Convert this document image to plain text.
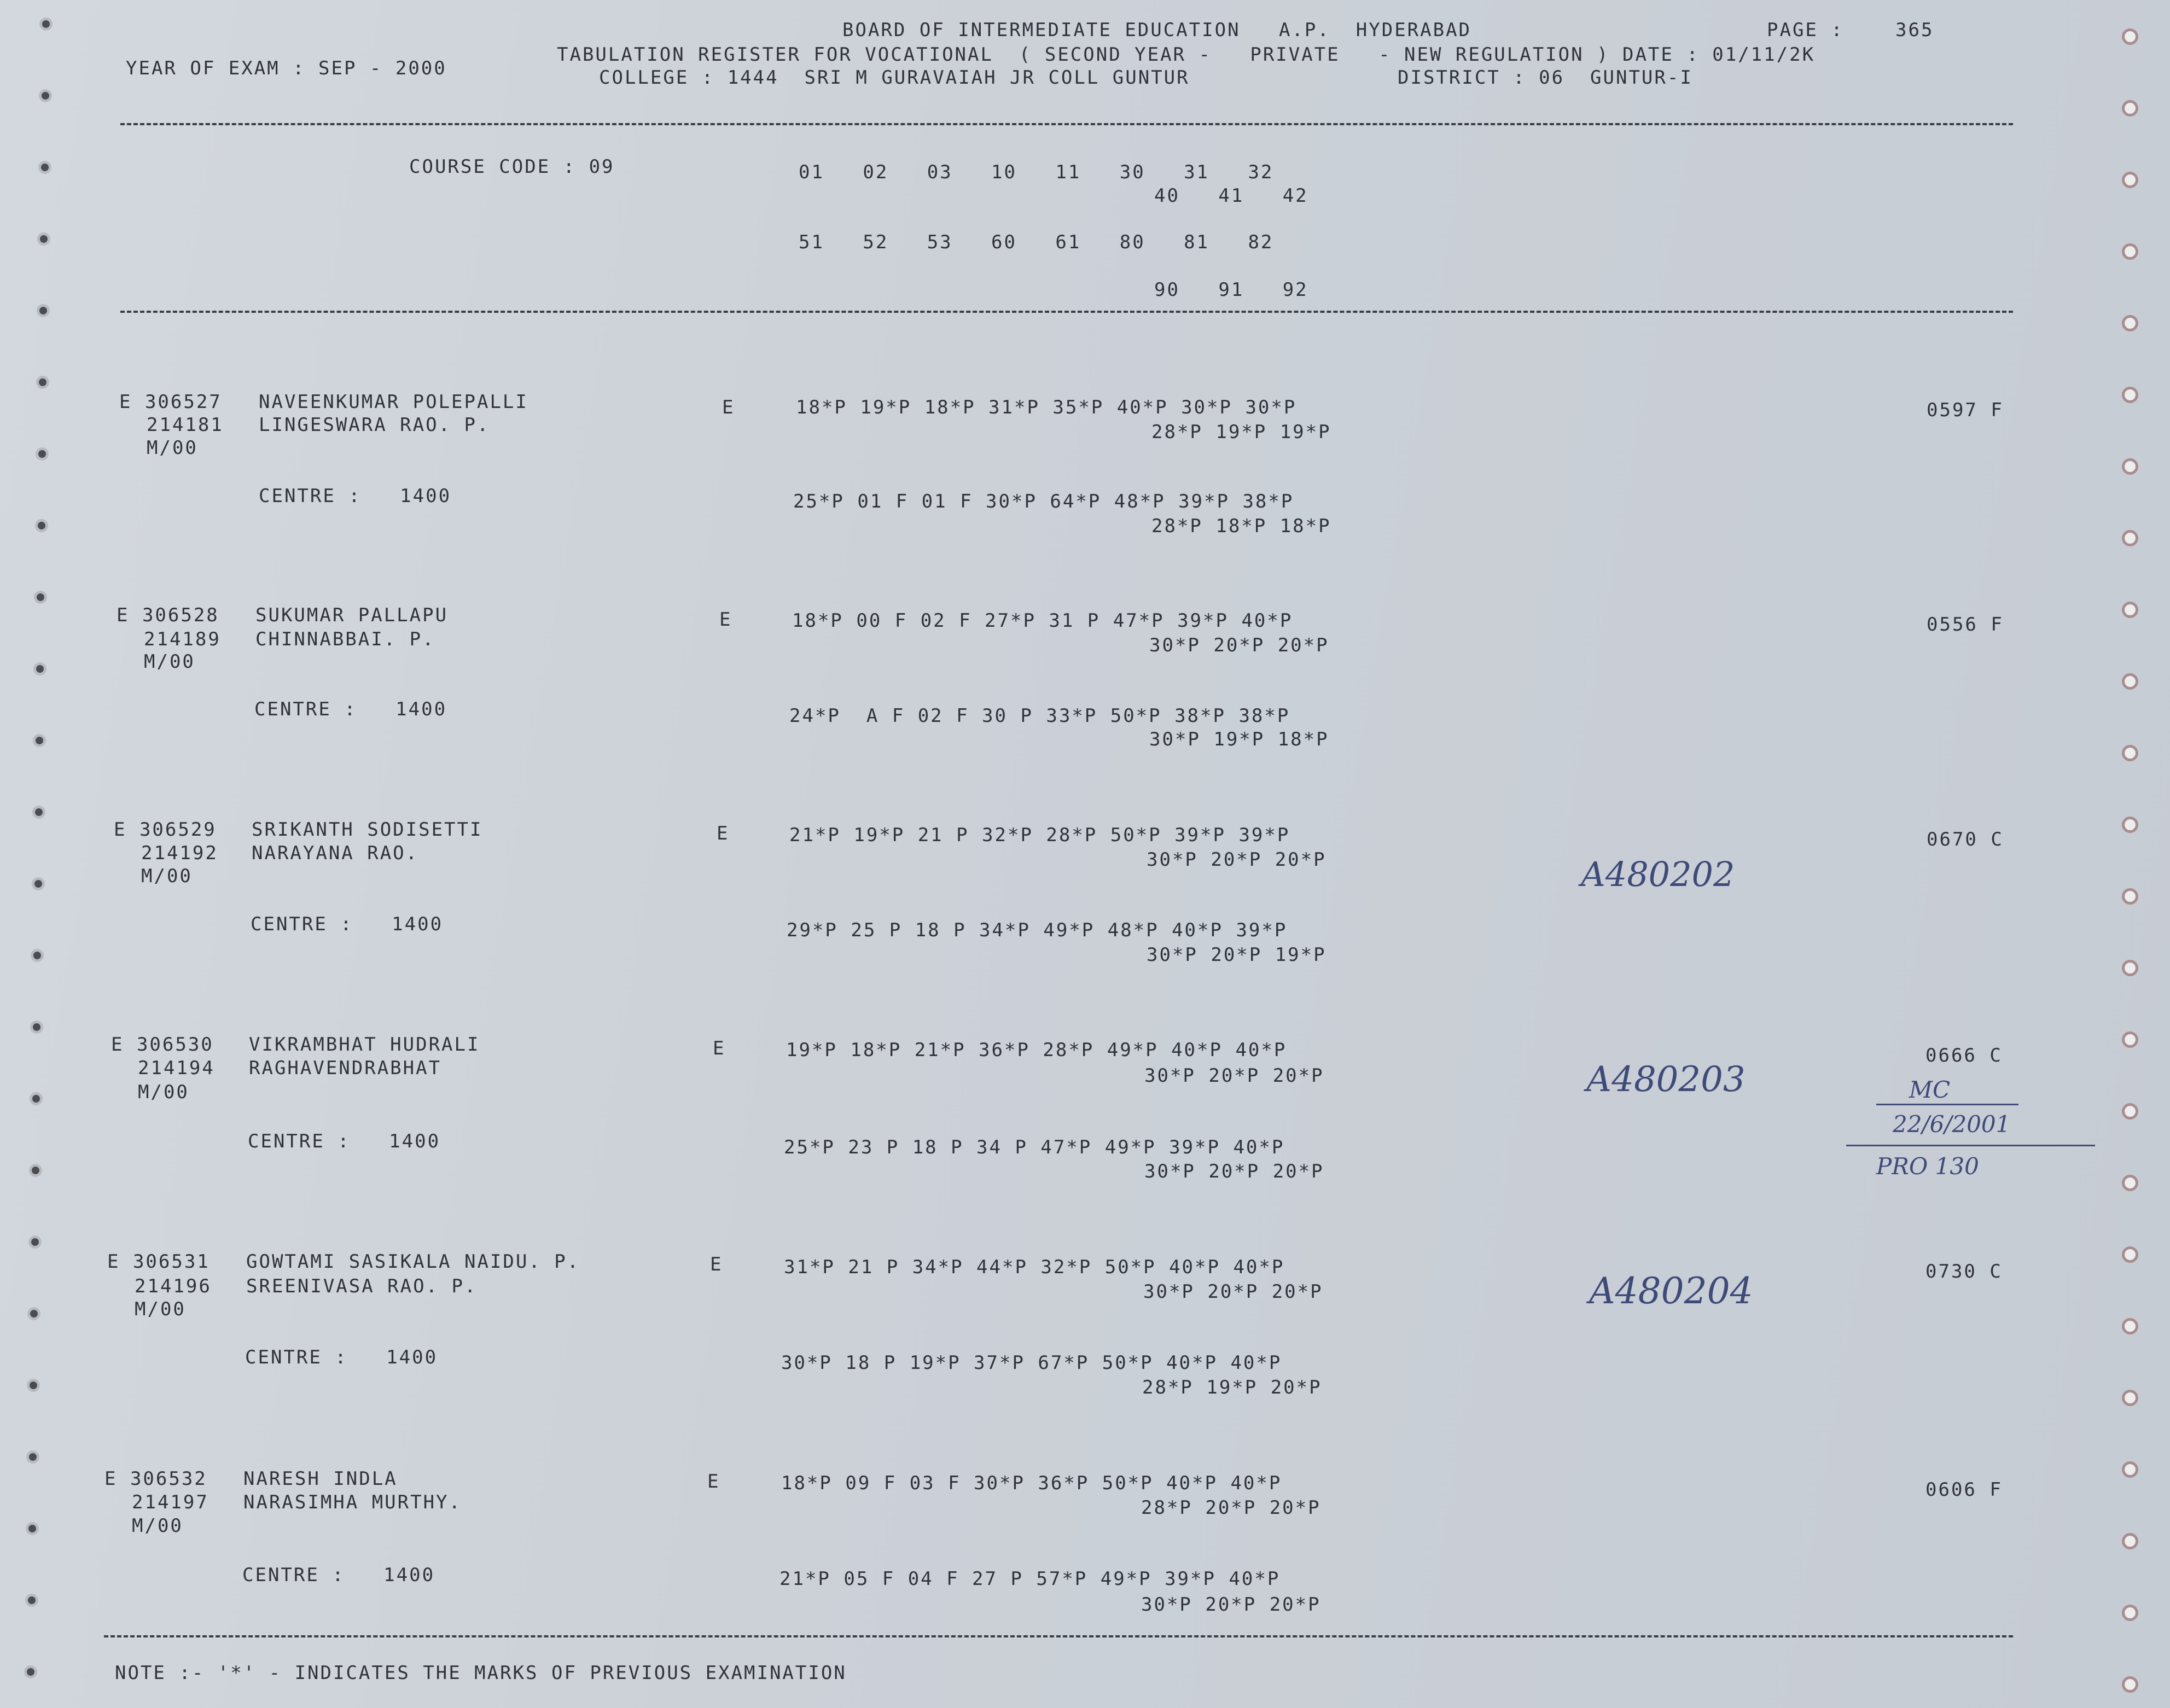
BOARD OF INTERMEDIATE EDUCATION   A.P.  HYDERABAD	PAGE :	365
YEAR OF EXAM : SEP - 2000
TABULATION REGISTER FOR VOCATIONAL  ( SECOND YEAR -   PRIVATE   - NEW REGULATION ) DATE : 01/11/2K
COLLEGE : 1444  SRI M GURAVAIAH JR COLL GUNTUR	DISTRICT : 06  GUNTUR-I
COURSE CODE : 09	01   02   03   10   11   30   31   32
40   41   42
51   52   53   60   61   80   81   82
90   91   92
E 306527 NAVEENKUMAR POLEPALLI
214181 LINGESWARA RAO. P.
M/00
CENTRE :   1400
E	18*P 19*P 18*P 31*P 35*P 40*P 30*P 30*P
28*P 19*P 19*P
25*P 01 F 01 F 30*P 64*P 48*P 39*P 38*P
28*P 18*P 18*P
0597 F
E 306528 SUKUMAR PALLAPU
214189 CHINNABBAI. P.
M/00
CENTRE :   1400
E	18*P 00 F 02 F 27*P 31 P 47*P 39*P 40*P
30*P 20*P 20*P
24*P  A F 02 F 30 P 33*P 50*P 38*P 38*P
30*P 19*P 18*P
0556 F
E 306529 SRIKANTH SODISETTI
214192 NARAYANA RAO.
M/00
CENTRE :   1400
E	21*P 19*P 21 P 32*P 28*P 50*P 39*P 39*P
30*P 20*P 20*P
29*P 25 P 18 P 34*P 49*P 48*P 40*P 39*P
30*P 20*P 19*P
0670 C
E 306530 VIKRAMBHAT HUDRALI
214194 RAGHAVENDRABHAT
M/00
CENTRE :   1400
E	19*P 18*P 21*P 36*P 28*P 49*P 40*P 40*P
30*P 20*P 20*P
25*P 23 P 18 P 34 P 47*P 49*P 39*P 40*P
30*P 20*P 20*P
0666 C
E 306531 GOWTAMI SASIKALA NAIDU. P.
214196 SREENIVASA RAO. P.
M/00
CENTRE :   1400
E	31*P 21 P 34*P 44*P 32*P 50*P 40*P 40*P
30*P 20*P 20*P
30*P 18 P 19*P 37*P 67*P 50*P 40*P 40*P
28*P 19*P 20*P
0730 C
E 306532 NARESH INDLA
214197 NARASIMHA MURTHY.
M/00
CENTRE :   1400
E	18*P 09 F 03 F 30*P 36*P 50*P 40*P 40*P
28*P 20*P 20*P
21*P 05 F 04 F 27 P 57*P 49*P 39*P 40*P
30*P 20*P 20*P
0606 F
A480202
A480203
A480204
MC
22/6/2001
PRO 130
NOTE :- '*' - INDICATES THE MARKS OF PREVIOUS EXAMINATION
